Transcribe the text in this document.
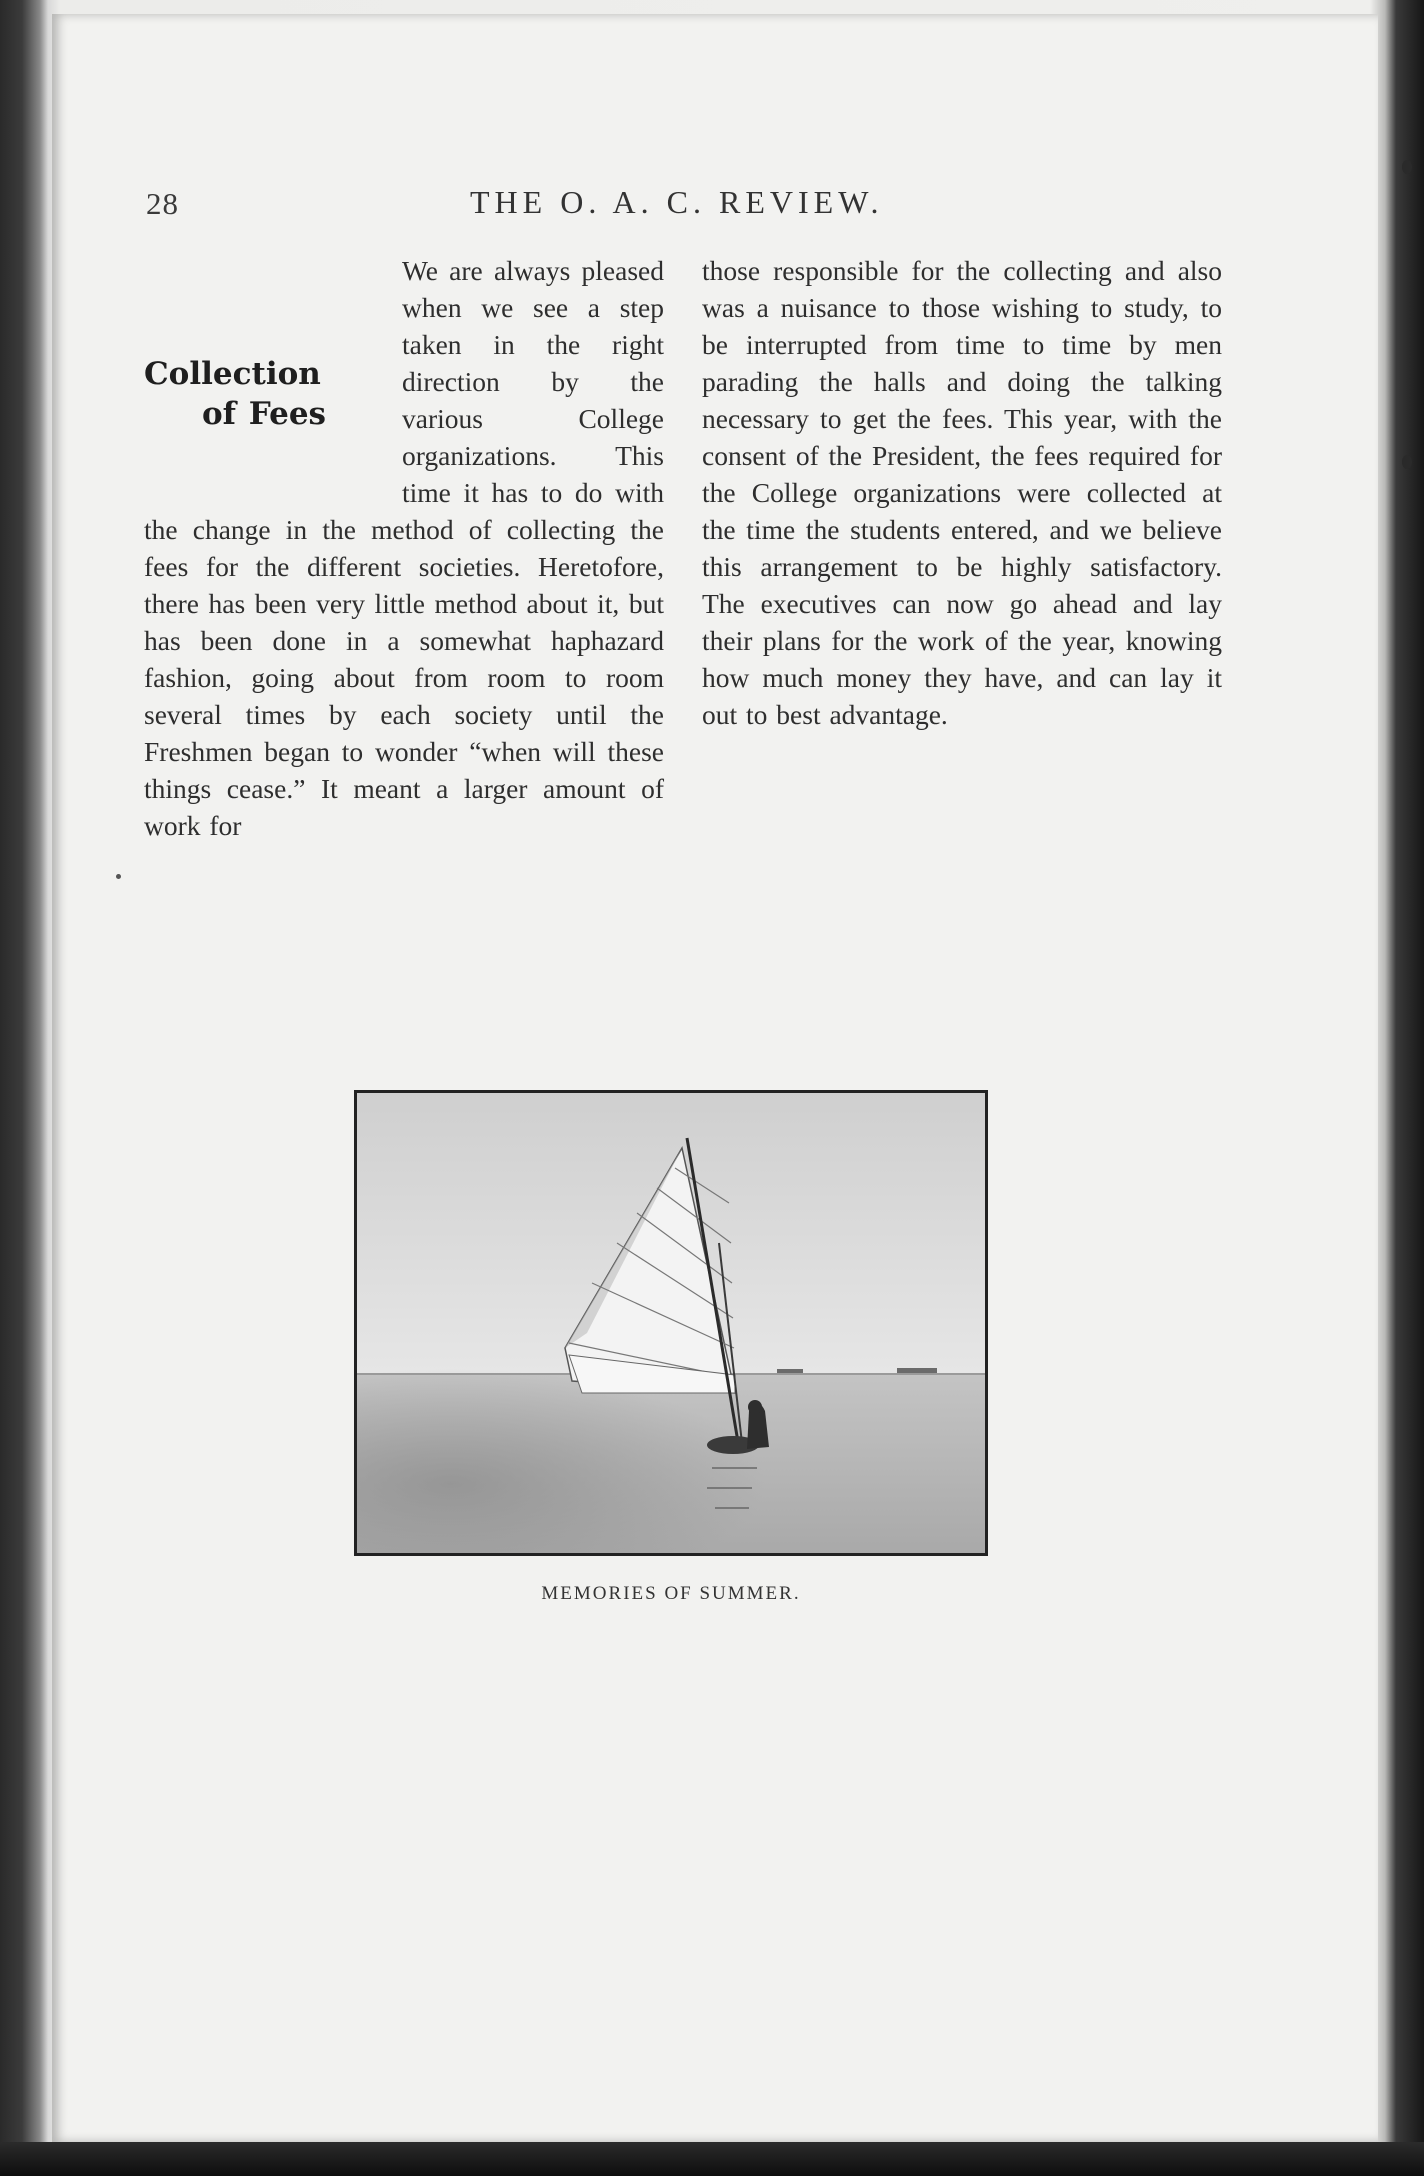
28	THE O. A. C. REVIEW.
Collection
of Fees
We are always pleased when we see a step taken in the right direction by the various College organizations. This time it has to do with the change in the method of collecting the fees for the different societies. Heretofore, there has been very little method about it, but has been done in a somewhat haphazard fashion, going about from room to room several times by each society until the Freshmen began to wonder “when will these things cease.” It meant a larger amount of work for
those responsible for the collecting and also was a nuisance to those wishing to study, to be interrupted from time to time by men parading the halls and doing the talking necessary to get the fees. This year, with the consent of the President, the fees required for the College organizations were collected at the time the students entered, and we believe this arrangement to be highly satisfactory. The executives can now go ahead and lay their plans for the work of the year, knowing how much money they have, and can lay it out to best advantage.
MEMORIES OF SUMMER.
